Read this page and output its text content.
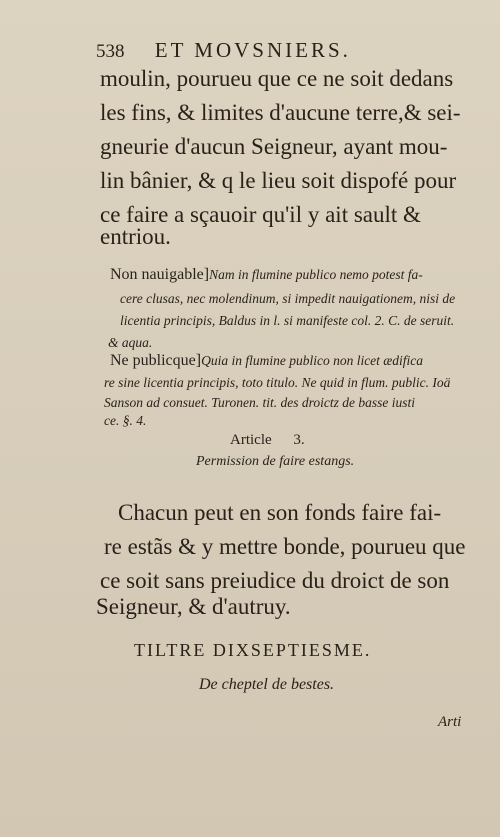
538 ET MOVSNIERS.
moulin, pourueu que ce ne soit dedans
les fins, & limites d'aucune terre,& sei-
gneurie d'aucun Seigneur, ayant mou-
lin bânier, & q le lieu soit dispofé pour
ce faire a sçauoir qu'il y ait sault &
entriou.
Non nauigable]Nam in flumine publico nemo potest fa-
cere clusas, nec molendinum, si impedit nauigationem, nisi de
licentia principis, Baldus in l. si manifeste col. 2. C. de seruit.
& aqua.
Ne publicque]Quia in flumine publico non licet ædifica
re sine licentia principis, toto titulo. Ne quid in flum. public. Ioä
Sanson ad consuet. Turonen. tit. des droictz de basse iusti
ce. §. 4.
Article 3.
Permission de faire estangs.
Chacun peut en son fonds faire fai-
re estãs & y mettre bonde, pourueu que
ce soit sans preiudice du droict de son
Seigneur, & d'autruy.
TILTRE DIXSEPTIESME.
De cheptel de bestes.
Arti
